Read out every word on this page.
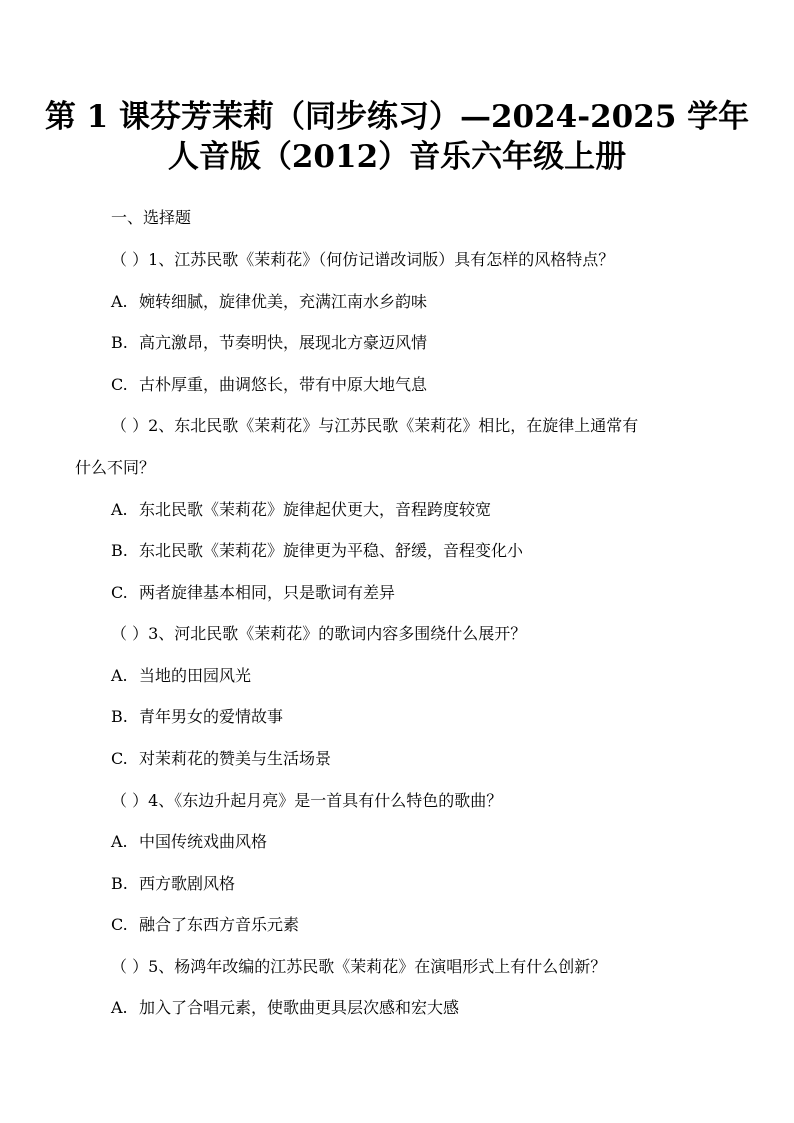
第 1 课芬芳茉莉（同步练习）—2024-2025 学年
人音版（2012）音乐六年级上册
一、选择题
（ ）1、江苏民歌《茉莉花》（何仿记谱改词版）具有怎样的风格特点？
A. 婉转细腻，旋律优美，充满江南水乡韵味
B. 高亢激昂，节奏明快，展现北方豪迈风情
C. 古朴厚重，曲调悠长，带有中原大地气息
（ ）2、东北民歌《茉莉花》与江苏民歌《茉莉花》相比，在旋律上通常有
什么不同？
A. 东北民歌《茉莉花》旋律起伏更大，音程跨度较宽
B. 东北民歌《茉莉花》旋律更为平稳、舒缓，音程变化小
C. 两者旋律基本相同，只是歌词有差异
（ ）3、河北民歌《茉莉花》的歌词内容多围绕什么展开？
A. 当地的田园风光
B. 青年男女的爱情故事
C. 对茉莉花的赞美与生活场景
（ ）4、《东边升起月亮》是一首具有什么特色的歌曲？
A. 中国传统戏曲风格
B. 西方歌剧风格
C. 融合了东西方音乐元素
（ ）5、杨鸿年改编的江苏民歌《茉莉花》在演唱形式上有什么创新？
A. 加入了合唱元素，使歌曲更具层次感和宏大感
